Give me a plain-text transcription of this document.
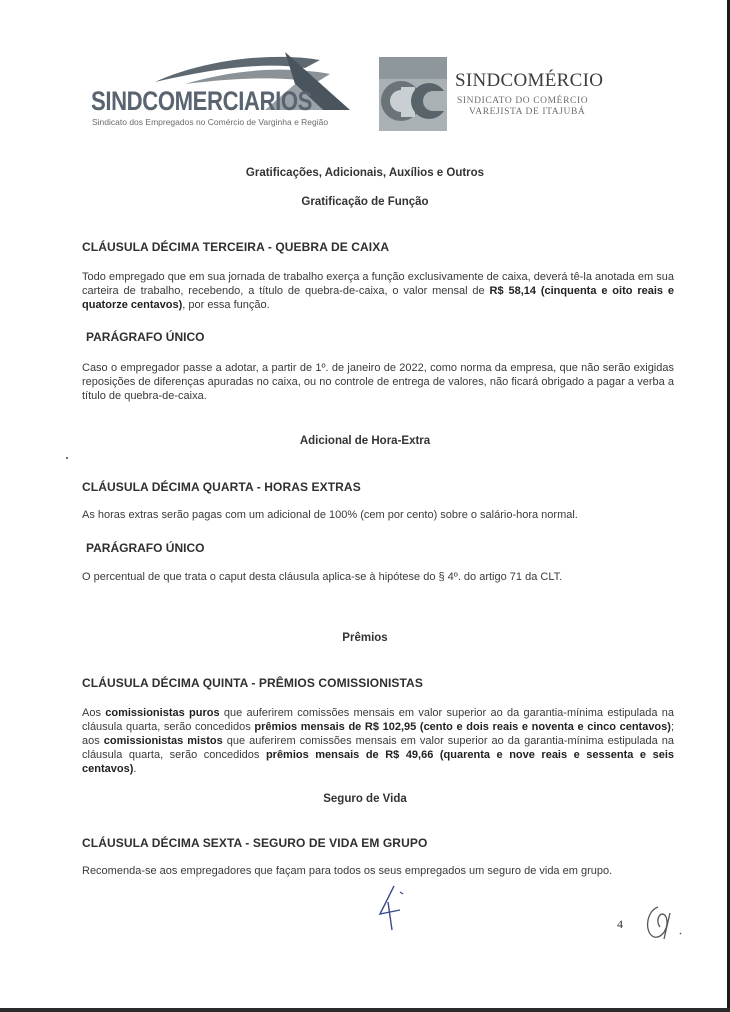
SINDCOMERCIARIOS
Sindicato dos Empregados no Comércio de Varginha e Região
SINDCOMÉRCIO
SINDICATO DO COMÉRCIO
VAREJISTA DE ITAJUBÁ
Gratificações, Adicionais, Auxílios e Outros
Gratificação de Função
CLÁUSULA DÉCIMA TERCEIRA - QUEBRA DE CAIXA
Todo empregado que em sua jornada de trabalho exerça a função exclusivamente de caixa, deverá tê-la anotada em sua carteira de trabalho, recebendo, a título de quebra-de-caixa, o valor mensal de R$ 58,14 (cinquenta e oito reais e quatorze centavos), por essa função.
PARÁGRAFO ÚNICO
Caso o empregador passe a adotar, a partir de 1º. de janeiro de 2022, como norma da empresa, que não serão exigidas reposições de diferenças apuradas no caixa, ou no controle de entrega de valores, não ficará obrigado a pagar a verba a título de quebra-de-caixa.
Adicional de Hora-Extra
CLÁUSULA DÉCIMA QUARTA - HORAS EXTRAS
As horas extras serão pagas com um adicional de 100% (cem por cento) sobre o salário-hora normal.
PARÁGRAFO ÚNICO
O percentual de que trata o caput desta cláusula aplica-se à hipótese do § 4º. do artigo 71 da CLT.
Prêmios
CLÁUSULA DÉCIMA QUINTA - PRÊMIOS COMISSIONISTAS
Aos comissionistas puros que auferirem comissões mensais em valor superior ao da garantia-mínima estipulada na cláusula quarta, serão concedidos prêmios mensais de R$ 102,95 (cento e dois reais e noventa e cinco centavos); aos comissionistas mistos que auferirem comissões mensais em valor superior ao da garantia-mínima estipulada na cláusula quarta, serão concedidos prêmios mensais de R$ 49,66 (quarenta e nove reais e sessenta e seis centavos).
Seguro de Vida
CLÁUSULA DÉCIMA SEXTA - SEGURO DE VIDA EM GRUPO
Recomenda-se aos empregadores que façam para todos os seus empregados um seguro de vida em grupo.
4
